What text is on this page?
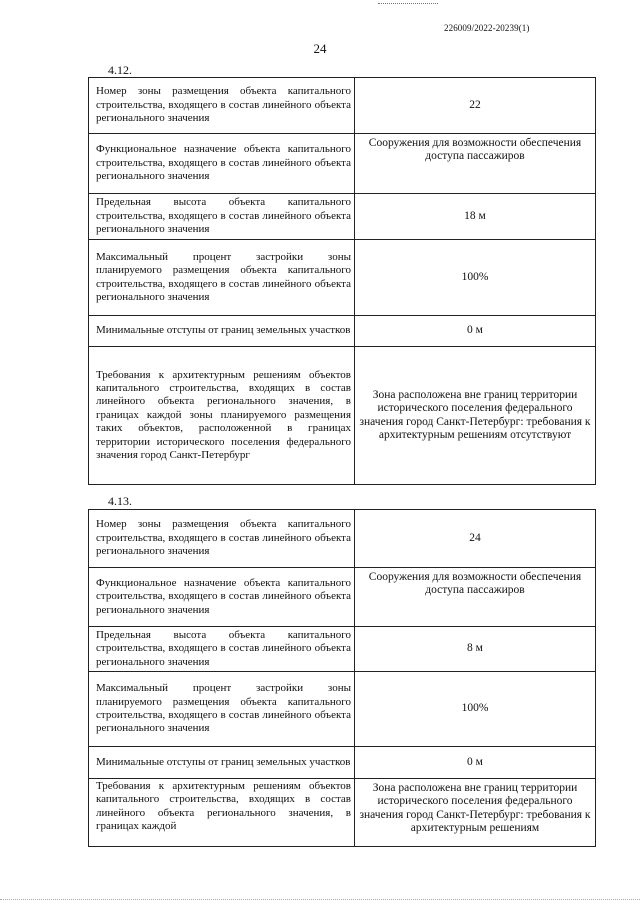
226009/2022-20239(1)
24
4.12.
Номер зоны размещения объекта капитального строительства, входящего в состав линейного объекта регионального значения	22
Функциональное назначение объекта капитального строительства, входящего в состав линейного объекта регионального значения	Сооружения для возможности обеспечения доступа пассажиров
Предельная высота объекта капитального строительства, входящего в состав линейного объекта регионального значения	18 м
Максимальный процент застройки зоны планируемого размещения объекта капитального строительства, входящего в состав линейного объекта регионального значения	100%
Минимальные отступы от границ земельных участков	0 м
Требования к архитектурным решениям объектов капитального строительства, входящих в состав линейного объекта регионального значения, в границах каждой зоны планируемого размещения таких объектов, расположенной в границах территории исторического поселения федерального значения город Санкт-Петербург	Зона расположена вне границ территории исторического поселения федерального значения город Санкт-Петербург: требования к архитектурным решениям отсутствуют
4.13.
Номер зоны размещения объекта капитального строительства, входящего в состав линейного объекта регионального значения	24
Функциональное назначение объекта капитального строительства, входящего в состав линейного объекта регионального значения	Сооружения для возможности обеспечения доступа пассажиров
Предельная высота объекта капитального строительства, входящего в состав линейного объекта регионального значения	8 м
Максимальный процент застройки зоны планируемого размещения объекта капитального строительства, входящего в состав линейного объекта регионального значения	100%
Минимальные отступы от границ земельных участков	0 м
Требования к архитектурным решениям объектов капитального строительства, входящих в состав линейного объекта регионального значения, в границах каждой	Зона расположена вне границ территории исторического поселения федерального значения город Санкт-Петербург: требования к архитектурным решениям
